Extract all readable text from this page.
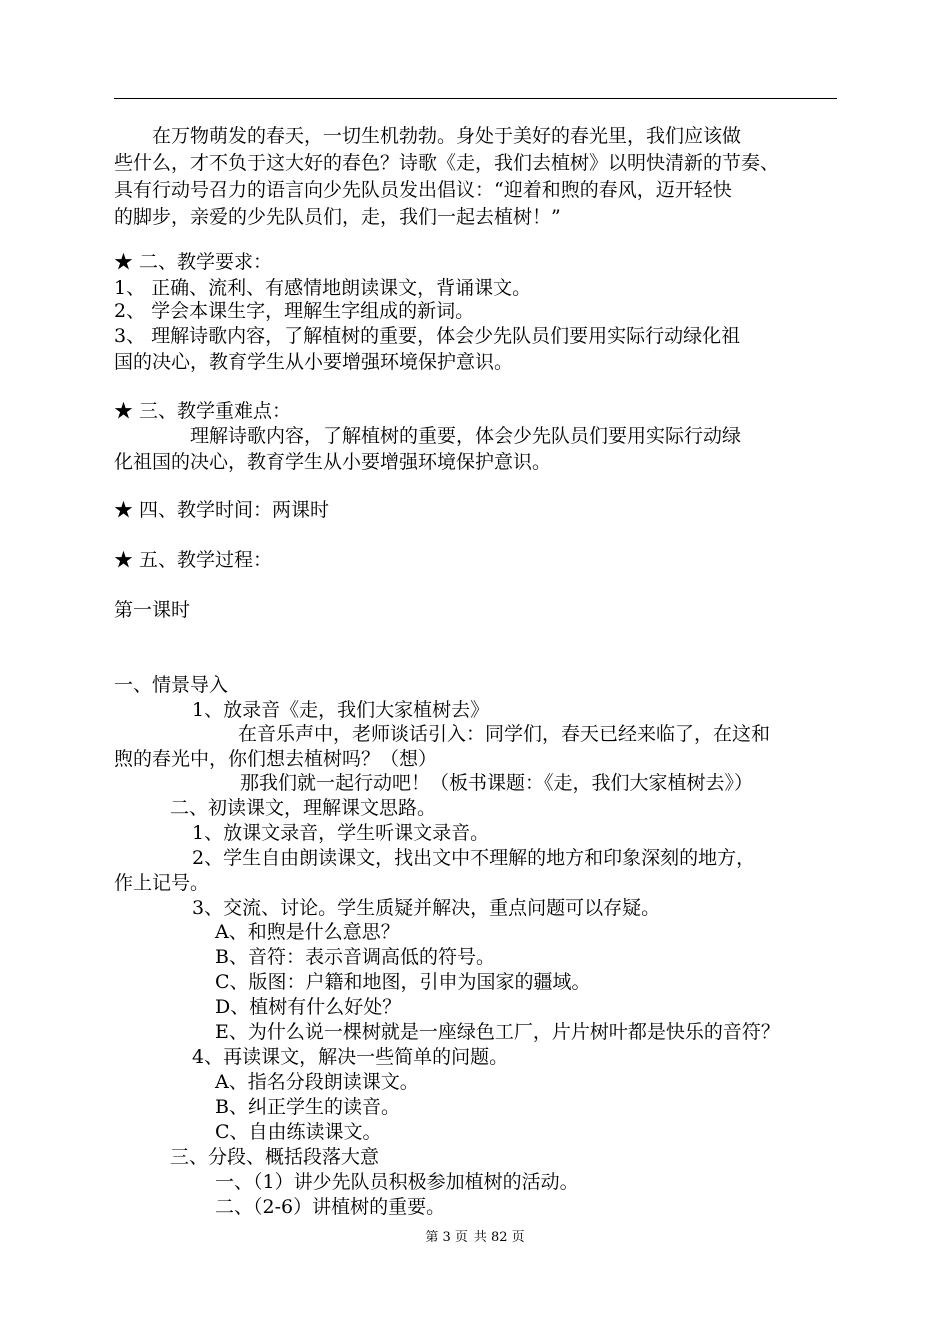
在万物萌发的春天，一切生机勃勃。身处于美好的春光里，我们应该做
些什么，才不负于这大好的春色？诗歌《走，我们去植树》以明快清新的节奏、
具有行动号召力的语言向少先队员发出倡议：“迎着和煦的春风，迈开轻快
的脚步，亲爱的少先队员们，走，我们一起去植树！”
★ 二、教学要求：
1、 正确、流利、有感情地朗读课文，背诵课文。
2、 学会本课生字，理解生字组成的新词。
3、 理解诗歌内容，了解植树的重要，体会少先队员们要用实际行动绿化祖
国的决心，教育学生从小要增强环境保护意识。
★ 三、教学重难点：
理解诗歌内容，了解植树的重要，体会少先队员们要用实际行动绿
化祖国的决心，教育学生从小要增强环境保护意识。
★ 四、教学时间：两课时
★ 五、教学过程：
第一课时
一、情景导入
1、放录音《走，我们大家植树去》
在音乐声中，老师谈话引入：同学们，春天已经来临了，在这和
煦的春光中，你们想去植树吗？（想）
那我们就一起行动吧！（板书课题：《走，我们大家植树去》）
二、初读课文，理解课文思路。
1、放课文录音，学生听课文录音。
2、学生自由朗读课文，找出文中不理解的地方和印象深刻的地方，
作上记号。
3、交流、讨论。学生质疑并解决，重点问题可以存疑。
A、和煦是什么意思？
B、音符：表示音调高低的符号。
C、版图：户籍和地图，引申为国家的疆域。
D、植树有什么好处？
E、为什么说一棵树就是一座绿色工厂，片片树叶都是快乐的音符？
4、再读课文，解决一些简单的问题。
A、指名分段朗读课文。
B、纠正学生的读音。
C、自由练读课文。
三、分段、概括段落大意
一、（1）讲少先队员积极参加植树的活动。
二、（2-6）讲植树的重要。
第 3 页 共 82 页
